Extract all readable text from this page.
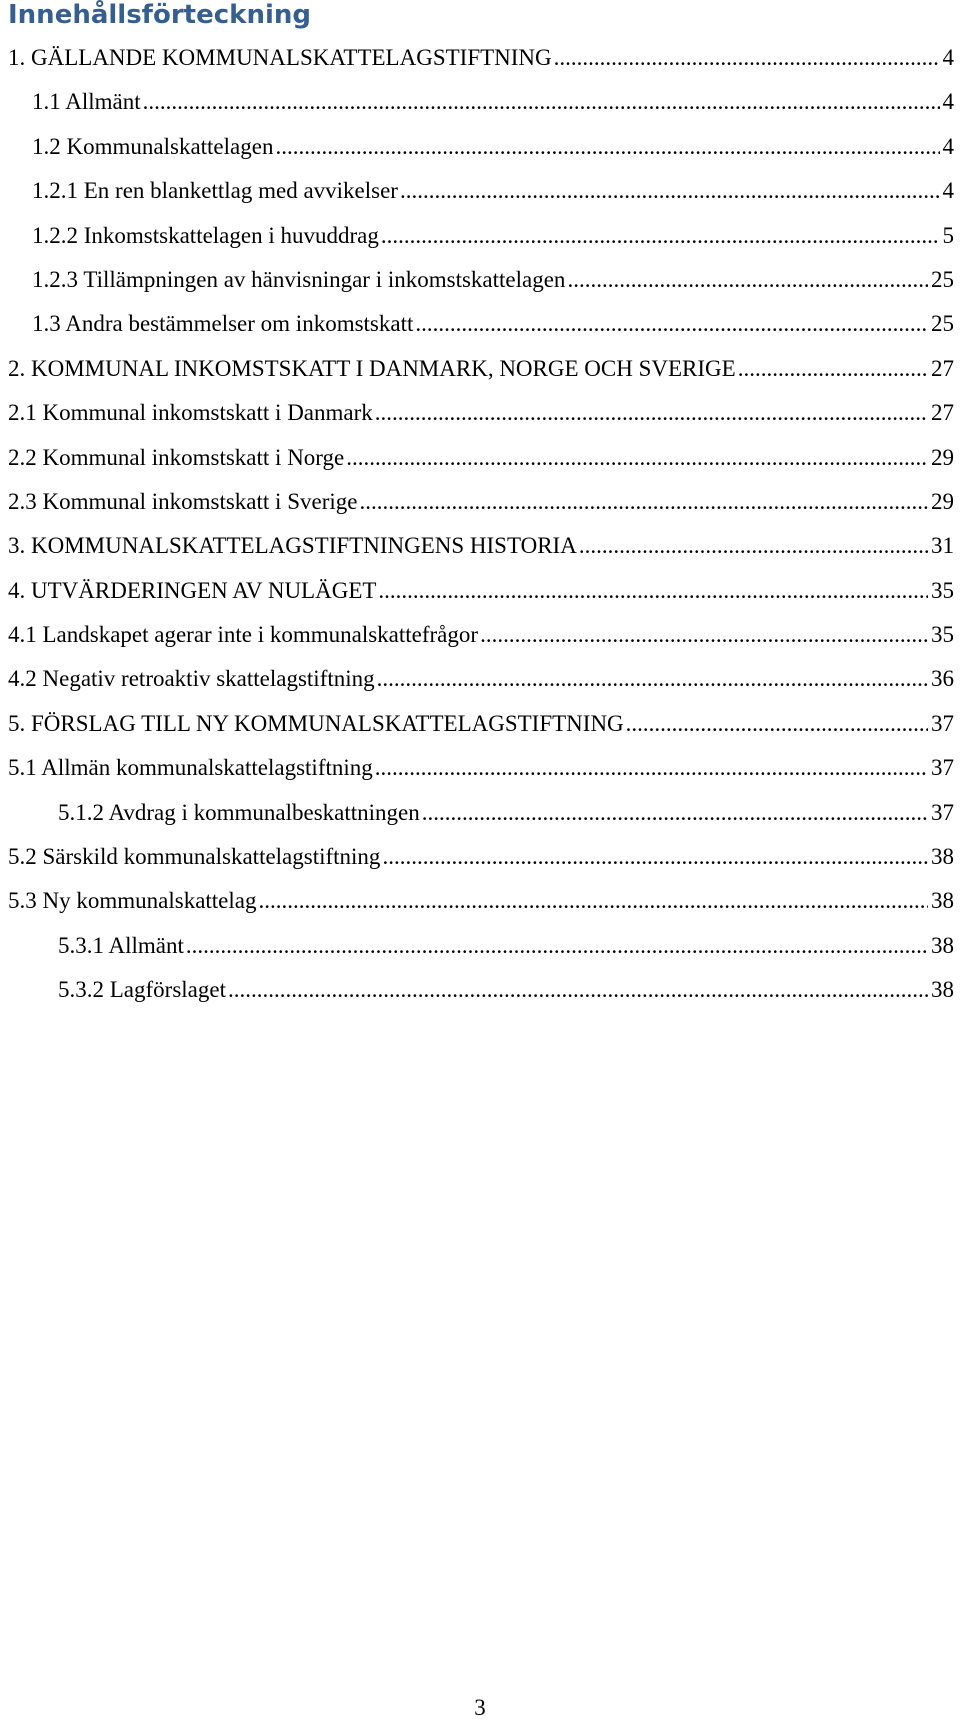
Innehållsförteckning
1. GÄLLANDE KOMMUNALSKATTELAGSTIFTNING .....	4
1.1 Allmänt .....	4
1.2 Kommunalskattelagen .....	4
1.2.1 En ren blankettlag med avvikelser .....	4
1.2.2 Inkomstskattelagen i huvuddrag .....	5
1.2.3 Tillämpningen av hänvisningar i inkomstskattelagen .....	25
1.3 Andra bestämmelser om inkomstskatt .....	25
2. KOMMUNAL INKOMSTSKATT I DANMARK, NORGE OCH SVERIGE .....	27
2.1 Kommunal inkomstskatt i Danmark .....	27
2.2 Kommunal inkomstskatt i Norge .....	29
2.3 Kommunal inkomstskatt i Sverige .....	29
3. KOMMUNALSKATTELAGSTIFTNINGENS HISTORIA .....	31
4. UTVÄRDERINGEN AV NULÄGET .....	35
4.1 Landskapet agerar inte i kommunalskattefrågor .....	35
4.2 Negativ retroaktiv skattelagstiftning .....	36
5. FÖRSLAG TILL NY KOMMUNALSKATTELAGSTIFTNING .....	37
5.1 Allmän kommunalskattelagstiftning .....	37
5.1.2 Avdrag i kommunalbeskattningen .....	37
5.2 Särskild kommunalskattelagstiftning .....	38
5.3 Ny kommunalskattelag .....	38
5.3.1 Allmänt .....	38
5.3.2 Lagförslaget .....	38
3
